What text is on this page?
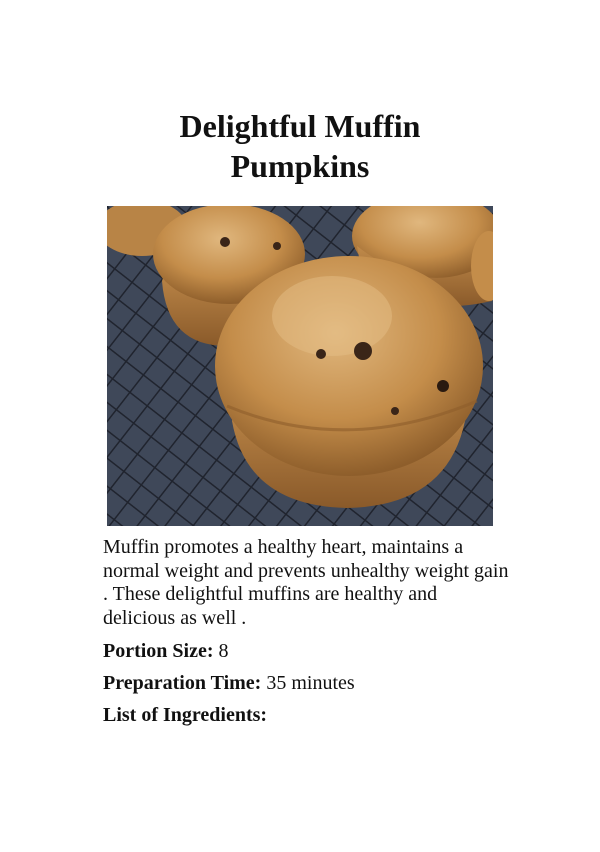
Delightful Muffin
Pumpkins

Muffin promotes a healthy heart, maintains a normal weight and prevents unhealthy weight gain . These delightful muffins are healthy and delicious as well .

Portion Size: 8

Preparation Time: 35 minutes

List of Ingredients:
